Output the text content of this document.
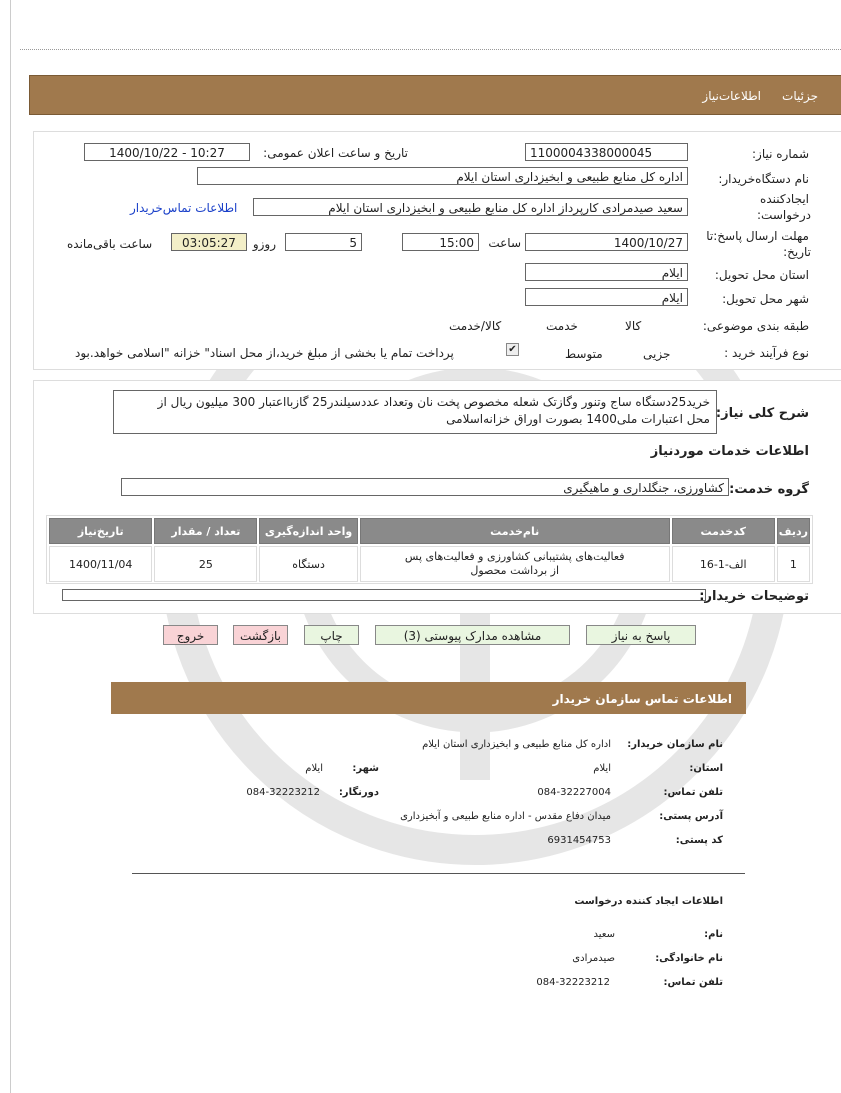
جزئیات
اطلاعات‌نیاز
شماره نیاز:
1100004338000045
تاریخ و ساعت اعلان عمومی:
1400/10/22 - 10:27
نام دستگاه‌خریدار:
اداره کل منابع طبیعی و ابخیزداری استان ایلام
ایجادکننده
درخواست:
سعید صیدمرادی کارپرداز اداره کل منابع طبیعی و ابخیزداری استان ایلام
اطلاعات تماس‌خریدار
مهلت ارسال پاسخ:تا
تاریخ:
1400/10/27
ساعت
15:00
5
روزو
03:05:27
ساعت باقی‌مانده
استان محل تحویل:
ایلام
شهر محل تحویل:
ایلام
طبقه بندی موضوعی:

کالا

خدمت

کالا/خدمت
نوع فرآیند خرید :

جزیی
متوسط
✔
پرداخت تمام یا بخشی از مبلغ خرید،از محل اسناد" خزانه "اسلامی خواهد.بود
شرح کلی نیاز:
خرید25دستگاه ساج وتنور وگازتک شعله مخصوص پخت نان وتعداد عددسیلندر25 گازبااعتبار 300 میلیون ریال از
محل اعتبارات ملی1400 بصورت اوراق خزانه‌اسلامی
اطلاعات خدمات موردنیاز
گروه خدمت:
کشاورزی، جنگلداری و ماهیگیری
ردیف	کدخدمت	نام‌خدمت	واحد اندازه‌گیری	تعداد / مقدار	تاریخ‌نیاز
1	الف-1-16	فعالیت‌های پشتیبانی کشاورزی و فعالیت‌های پس
از برداشت محصول	دستگاه	25	1400/11/04
توضیحات خریدار:
پاسخ به نیاز
مشاهده مدارک پیوستی (3)
چاپ
بازگشت
خروج
اطلاعات تماس سازمان خریدار
نام سازمان خریدار:
اداره کل منابع طبیعی و ابخیزداری استان ایلام
استان:
ایلام
شهر:
ایلام
تلفن تماس:
084-32227004
دورنگار:
084-32223212
آدرس پستی:
میدان دفاع مقدس - اداره منابع طبیعی و آبخیزداری
کد پستی:
6931454753
اطلاعات ایجاد کننده درخواست
نام:
سعید
نام خانوادگی:
صیدمرادی
تلفن تماس:
084-32223212
